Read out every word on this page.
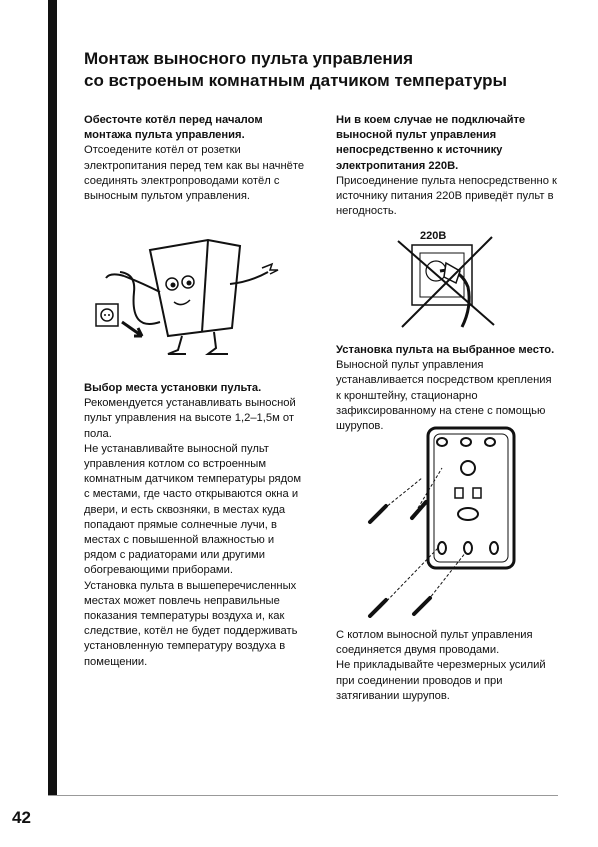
42
Монтаж выносного пульта управления
со встроеным комнатным датчиком температуры

Обесточте котёл перед началом монтажа пульта управления.

Отсоедените котёл от розетки электропитания перед тем как вы начнёте соединять электропроводами котёл с выносным пультом управления.

Выбор места установки пульта.

Рекомендуется устанавливать выносной пульт управления на высоте 1,2–1,5м от пола.

Не устанавливайте выносной пульт управления котлом со встроенным комнатным датчиком температуры рядом с местами, где часто открываются окна и двери, и есть сквозняки, в местах куда попадают прямые солнечные лучи, в местах с повышенной влажностью и рядом с радиаторами или другими обогревающими приборами.

Установка пульта в вышеперечисленных местах может повлечь неправильные показания температуры воздуха и, как следствие, котёл не будет поддерживать установленную температуру воздуха в помещении.

Ни в коем случае не подключайте выносной пульт управления непосредственно к источнику электропитания 220В.

Присоединение пульта непосредственно к источнику питания 220В приведёт пульт в негодность.

220В

Установка пульта на выбранное место.

Выносной пульт управления устанавливается посредством крепления к кронштейну, стационарно зафиксированному на стене с помощью шурупов.

С котлом выносной пульт управления соединяется двумя проводами.

Не прикладывайте черезмерных усилий при соединении проводов и при затягивании шурупов.
